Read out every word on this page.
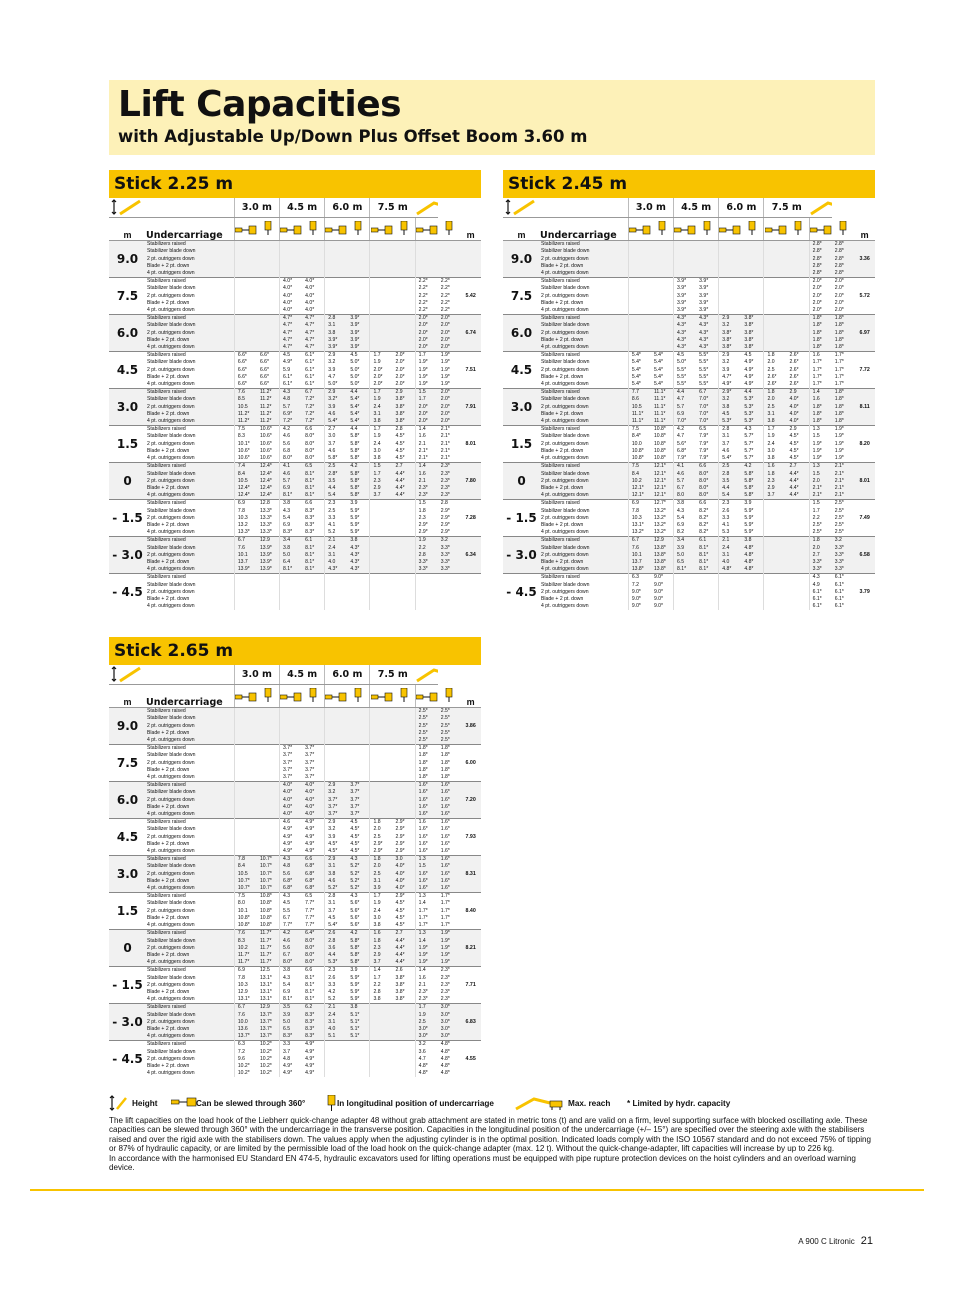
Lift Capacities
with Adjustable Up/Down Plus Offset Boom 3.60 m
Stick 2.25 m
		3.0 m		4.5 m		6.0 m		7.5 m	
m	Undercarriage											m
9.0	Stabilizers raised											
	Stabilizer blade down											
	2 pt. outriggers down											
	Blade + 2 pt. down											
	4 pt. outriggers down											
7.5	Stabilizers raised			4.0*	4.0*					2.2*	2.2*	5.42
	Stabilizer blade down			4.0*	4.0*					2.2*	2.2*	
	2 pt. outriggers down			4.0*	4.0*					2.2*	2.2*	
	Blade + 2 pt. down			4.0*	4.0*					2.2*	2.2*	
	4 pt. outriggers down			4.0*	4.0*					2.2*	2.2*	
6.0	Stabilizers raised			4.7*	4.7*	2.8	3.9*			2.0*	2.0*	6.74
	Stabilizer blade down			4.7*	4.7*	3.1	3.9*			2.0*	2.0*	
	2 pt. outriggers down			4.7*	4.7*	3.8	3.9*			2.0*	2.0*	
	Blade + 2 pt. down			4.7*	4.7*	3.9*	3.9*			2.0*	2.0*	
	4 pt. outriggers down			4.7*	4.7*	3.9*	3.9*			2.0*	2.0*	
4.5	Stabilizers raised	6.6*	6.6*	4.5	6.1*	2.9	4.5	1.7	2.0*	1.7	1.9*	7.51
	Stabilizer blade down	6.6*	6.6*	4.9*	6.1*	3.2	5.0*	1.9	2.0*	1.9*	1.9*	
	2 pt. outriggers down	6.6*	6.6*	5.9	6.1*	3.9	5.0*	2.0*	2.0*	1.9*	1.9*	
	Blade + 2 pt. down	6.6*	6.6*	6.1*	6.1*	4.7	5.0*	2.0*	2.0*	1.9*	1.9*	
	4 pt. outriggers down	6.6*	6.6*	6.1*	6.1*	5.0*	5.0*	2.0*	2.0*	1.9*	1.9*	
3.0	Stabilizers raised	7.6	11.2*	4.3	6.7	2.9	4.4	1.7	2.9	1.5	2.0*	7.91
	Stabilizer blade down	8.5	11.2*	4.8	7.2*	3.2*	5.4*	1.9	3.8*	1.7	2.0*	
	2 pt. outriggers down	10.5	11.2*	5.7	7.2*	3.9	5.4*	2.4	3.8*	2.0*	2.0*	
	Blade + 2 pt. down	11.2*	11.2*	6.9*	7.2*	4.6	5.4*	3.1	3.8*	2.0*	2.0*	
	4 pt. outriggers down	11.2*	11.2*	7.2*	7.2*	5.4*	5.4*	3.8	3.8*	2.0*	2.0*	
1.5	Stabilizers raised	7.5	10.6*	4.2	6.6	2.7	4.4	1.7	2.8	1.4	2.1*	8.01
	Stabilizer blade down	8.3	10.6*	4.6	8.0*	3.0	5.8*	1.9	4.5*	1.6	2.1*	
	2 pt. outriggers down	10.1*	10.6*	5.6	8.0*	3.7	5.8*	2.4	4.5*	2.1	2.1*	
	Blade + 2 pt. down	10.6*	10.6*	6.8	8.0*	4.6	5.8*	3.0	4.5*	2.1*	2.1*	
	4 pt. outriggers down	10.6*	10.6*	8.0*	8.0*	5.8*	5.8*	3.8	4.5*	2.1*	2.1*	
0	Stabilizers raised	7.4	12.4*	4.1	6.5	2.5	4.2	1.5	2.7	1.4	2.3*	7.80
	Stabilizer blade down	8.4	12.4*	4.6	8.1*	2.8*	5.8*	1.7	4.4*	1.6	2.3*	
	2 pt. outriggers down	10.5	12.4*	5.7	8.1*	3.5	5.8*	2.3	4.4*	2.1	2.3*	
	Blade + 2 pt. down	12.4*	12.4*	6.9	8.1*	4.4	5.8*	2.9	4.4*	2.3*	2.3*	
	4 pt. outriggers down	12.4*	12.4*	8.1*	8.1*	5.4	5.8*	3.7	4.4*	2.3*	2.3*	
- 1.5	Stabilizers raised	6.9	12.8	3.8	6.6	2.3	3.9			1.5	2.8	7.28
	Stabilizer blade down	7.8	13.3*	4.3	8.3*	2.5	5.9*			1.8	2.9*	
	2 pt. outriggers down	10.3	13.3*	5.4	8.3*	3.3	5.9*			2.3	2.9*	
	Blade + 2 pt. down	13.2	13.3*	6.9	8.3*	4.1	5.9*			2.9*	2.9*	
	4 pt. outriggers down	13.3*	13.3*	8.3*	8.3*	5.2	5.9*			2.9*	2.9*	
- 3.0	Stabilizers raised	6.7	12.9	3.4	6.1	2.1	3.8			1.9	3.2	6.34
	Stabilizer blade down	7.6	13.9*	3.8	8.1*	2.4	4.3*			2.2	3.3*	
	2 pt. outriggers down	10.1	13.9*	5.0	8.1*	3.1	4.3*			2.8	3.3*	
	Blade + 2 pt. down	13.7	13.9*	6.4	8.1*	4.0	4.3*			3.3*	3.3*	
	4 pt. outriggers down	13.9*	13.9*	8.1*	8.1*	4.3*	4.3*			3.3*	3.3*	
- 4.5	Stabilizers raised											
	Stabilizer blade down											
	2 pt. outriggers down											
	Blade + 2 pt. down											
	4 pt. outriggers down											
Stick 2.45 m
		3.0 m		4.5 m		6.0 m		7.5 m	
m	Undercarriage											m
9.0	Stabilizers raised									2.8*	2.8*	3.36
	Stabilizer blade down									2.8*	2.8*	
	2 pt. outriggers down									2.8*	2.8*	
	Blade + 2 pt. down									2.8*	2.8*	
	4 pt. outriggers down									2.8*	2.8*	
7.5	Stabilizers raised			3.9*	3.9*					2.0*	2.0*	5.72
	Stabilizer blade down			3.9*	3.9*					2.0*	2.0*	
	2 pt. outriggers down			3.9*	3.9*					2.0*	2.0*	
	Blade + 2 pt. down			3.9*	3.9*					2.0*	2.0*	
	4 pt. outriggers down			3.9*	3.9*					2.0*	2.0*	
6.0	Stabilizers raised			4.3*	4.3*	2.9	3.8*			1.8*	1.8*	6.97
	Stabilizer blade down			4.3*	4.3*	3.2	3.8*			1.8*	1.8*	
	2 pt. outriggers down			4.3*	4.3*	3.8*	3.8*			1.8*	1.8*	
	Blade + 2 pt. down			4.3*	4.3*	3.8*	3.8*			1.8*	1.8*	
	4 pt. outriggers down			4.3*	4.3*	3.8*	3.8*			1.8*	1.8*	
4.5	Stabilizers raised	5.4*	5.4*	4.5	5.5*	2.9	4.5	1.8	2.6*	1.6	1.7*	7.72
	Stabilizer blade down	5.4*	5.4*	5.0*	5.5*	3.2	4.9*	2.0	2.6*	1.7*	1.7*	
	2 pt. outriggers down	5.4*	5.4*	5.5*	5.5*	3.9	4.9*	2.5	2.6*	1.7*	1.7*	
	Blade + 2 pt. down	5.4*	5.4*	5.5*	5.5*	4.7*	4.9*	2.6*	2.6*	1.7*	1.7*	
	4 pt. outriggers down	5.4*	5.4*	5.5*	5.5*	4.9*	4.9*	2.6*	2.6*	1.7*	1.7*	
3.0	Stabilizers raised	7.7	11.1*	4.4	6.7	2.9*	4.4	1.8	2.9	1.4	1.8*	8.11
	Stabilizer blade down	8.6	11.1*	4.7	7.0*	3.2	5.3*	2.0	4.0*	1.6	1.8*	
	2 pt. outriggers down	10.5	11.1*	5.7	7.0*	3.8	5.3*	2.5	4.0*	1.8*	1.8*	
	Blade + 2 pt. down	11.1*	11.1*	6.9	7.0*	4.5	5.3*	3.1	4.0*	1.8*	1.8*	
	4 pt. outriggers down	11.1*	11.1*	7.0*	7.0*	5.3*	5.3*	3.8	4.0*	1.8*	1.8*	
1.5	Stabilizers raised	7.5	10.8*	4.2	6.5	2.8	4.3	1.7	2.9	1.3	1.9*	8.20
	Stabilizer blade down	8.4*	10.8*	4.7	7.9*	3.1	5.7*	1.9	4.5*	1.5	1.9*	
	2 pt. outriggers down	10.0	10.8*	5.6*	7.9*	3.7	5.7*	2.4	4.5*	1.9*	1.9*	
	Blade + 2 pt. down	10.8*	10.8*	6.8*	7.9*	4.6	5.7*	3.0	4.5*	1.9*	1.9*	
	4 pt. outriggers down	10.8*	10.8*	7.9*	7.9*	5.4*	5.7*	3.8	4.5*	1.9*	1.9*	
0	Stabilizers raised	7.5	12.1*	4.1	6.6	2.5	4.2	1.6	2.7	1.3	2.1*	8.01
	Stabilizer blade down	8.4	12.1*	4.6	8.0*	2.8	5.8*	1.8	4.4*	1.5	2.1*	
	2 pt. outriggers down	10.2	12.1*	5.7	8.0*	3.5	5.8*	2.3	4.4*	2.0	2.1*	
	Blade + 2 pt. down	12.1*	12.1*	6.7	8.0*	4.4	5.8*	2.9	4.4*	2.1*	2.1*	
	4 pt. outriggers down	12.1*	12.1*	8.0	8.0*	5.4	5.8*	3.7	4.4*	2.1*	2.1*	
- 1.5	Stabilizers raised	6.9	12.7*	3.8	6.6	2.3	3.9			1.5	2.5*	7.49
	Stabilizer blade down	7.8	13.2*	4.3	8.2*	2.6	5.9*			1.7	2.5*	
	2 pt. outriggers down	10.3	13.2*	5.4	8.2*	3.3	5.9*			2.2	2.5*	
	Blade + 2 pt. down	13.1*	13.2*	6.9	8.2*	4.1	5.9*			2.5*	2.5*	
	4 pt. outriggers down	13.2*	13.2*	8.2	8.2*	5.3	5.9*			2.5*	2.5*	
- 3.0	Stabilizers raised	6.7	12.9	3.4	6.1	2.1	3.8			1.8	3.2	6.58
	Stabilizer blade down	7.6	13.8*	3.9	8.1*	2.4	4.8*			2.0	3.3*	
	2 pt. outriggers down	10.1	13.8*	5.0	8.1*	3.1	4.8*			2.7	3.3*	
	Blade + 2 pt. down	13.7	13.8*	6.5	8.1*	4.0	4.8*			3.3*	3.3*	
	4 pt. outriggers down	13.8*	13.8*	8.1*	8.1*	4.8*	4.8*			3.3*	3.3*	
- 4.5	Stabilizers raised	6.3	9.0*							4.3	6.1*	3.79
	Stabilizer blade down	7.2	9.0*							4.9	6.1*	
	2 pt. outriggers down	9.0*	9.0*							6.1*	6.1*	
	Blade + 2 pt. down	9.0*	9.0*							6.1*	6.1*	
	4 pt. outriggers down	9.0*	9.0*							6.1*	6.1*	
Stick 2.65 m
		3.0 m		4.5 m		6.0 m		7.5 m	
m	Undercarriage											m
9.0	Stabilizers raised									2.5*	2.5*	3.86
	Stabilizer blade down									2.5*	2.5*	
	2 pt. outriggers down									2.5*	2.5*	
	Blade + 2 pt. down									2.5*	2.5*	
	4 pt. outriggers down									2.5*	2.5*	
7.5	Stabilizers raised			3.7*	3.7*					1.8*	1.8*	6.00
	Stabilizer blade down			3.7*	3.7*					1.8*	1.8*	
	2 pt. outriggers down			3.7*	3.7*					1.8*	1.8*	
	Blade + 2 pt. down			3.7*	3.7*					1.8*	1.8*	
	4 pt. outriggers down			3.7*	3.7*					1.8*	1.8*	
6.0	Stabilizers raised			4.0*	4.0*	2.9	3.7*			1.6*	1.6*	7.20
	Stabilizer blade down			4.0*	4.0*	3.2	3.7*			1.6*	1.6*	
	2 pt. outriggers down			4.0*	4.0*	3.7*	3.7*			1.6*	1.6*	
	Blade + 2 pt. down			4.0*	4.0*	3.7*	3.7*			1.6*	1.6*	
	4 pt. outriggers down			4.0*	4.0*	3.7*	3.7*			1.6*	1.6*	
4.5	Stabilizers raised			4.6	4.9*	2.9	4.5	1.8	2.9*	1.6	1.6*	7.93
	Stabilizer blade down			4.9*	4.9*	3.2	4.5*	2.0	2.9*	1.6*	1.6*	
	2 pt. outriggers down			4.9*	4.9*	3.9	4.5*	2.5	2.9*	1.6*	1.6*	
	Blade + 2 pt. down			4.9*	4.9*	4.5*	4.5*	2.9*	2.9*	1.6*	1.6*	
	4 pt. outriggers down			4.9*	4.9*	4.5*	4.5*	2.9*	2.9*	1.6*	1.6*	
3.0	Stabilizers raised	7.8	10.7*	4.3	6.6	2.9	4.3	1.8	3.0	1.3	1.6*	8.31
	Stabilizer blade down	8.4	10.7*	4.8	6.8*	3.1	5.2*	2.0	4.0*	1.5	1.6*	
	2 pt. outriggers down	10.5	10.7*	5.6	6.8*	3.8	5.2*	2.5	4.0*	1.6*	1.6*	
	Blade + 2 pt. down	10.7*	10.7*	6.8*	6.8*	4.6	5.2*	3.1	4.0*	1.6*	1.6*	
	4 pt. outriggers down	10.7*	10.7*	6.8*	6.8*	5.2*	5.2*	3.9	4.0*	1.6*	1.6*	
1.5	Stabilizers raised	7.5	10.8*	4.3	6.5	2.8	4.3	1.7	2.9*	1.3	1.7*	8.40
	Stabilizer blade down	8.0	10.8*	4.5	7.7*	3.1	5.6*	1.9	4.5*	1.4	1.7*	
	2 pt. outriggers down	10.1	10.8*	5.5	7.7*	3.7	5.6*	2.4	4.5*	1.7*	1.7*	
	Blade + 2 pt. down	10.8*	10.8*	6.7	7.7*	4.5	5.6*	3.0	4.5*	1.7*	1.7*	
	4 pt. outriggers down	10.8*	10.8*	7.7*	7.7*	5.4*	5.6*	3.8	4.5*	1.7*	1.7*	
0	Stabilizers raised	7.6	11.7*	4.2	6.4*	2.6	4.2	1.6	2.7	1.3	1.9*	8.21
	Stabilizer blade down	8.3	11.7*	4.6	8.0*	2.8	5.8*	1.8	4.4*	1.4	1.9*	
	2 pt. outriggers down	10.2	11.7*	5.6	8.0*	3.6	5.8*	2.3	4.4*	1.9*	1.9*	
	Blade + 2 pt. down	11.7*	11.7*	6.7	8.0*	4.4	5.8*	2.9	4.4*	1.9*	1.9*	
	4 pt. outriggers down	11.7*	11.7*	8.0*	8.0*	5.3*	5.8*	3.7	4.4*	1.9*	1.9*	
- 1.5	Stabilizers raised	6.9	12.5	3.8	6.6	2.3	3.9	1.4	2.6	1.4	2.3*	7.71
	Stabilizer blade down	7.8	13.1*	4.3	8.1*	2.6	5.9*	1.7	3.8*	1.6	2.3*	
	2 pt. outriggers down	10.3	13.1*	5.4	8.1*	3.3	5.9*	2.2	3.8*	2.1	2.3*	
	Blade + 2 pt. down	12.9	13.1*	6.9	8.1*	4.2	5.9*	2.8	3.8*	2.3*	2.3*	
	4 pt. outriggers down	13.1*	13.1*	8.1*	8.1*	5.2	5.9*	3.8	3.8*	2.3*	2.3*	
- 3.0	Stabilizers raised	6.7	12.9	3.5	6.2	2.1	3.8			1.7	3.0*	6.83
	Stabilizer blade down	7.6	13.7*	3.9	8.3*	2.4	5.1*			1.9	3.0*	
	2 pt. outriggers down	10.0	13.7*	5.0	8.3*	3.1	5.1*			2.5	3.0*	
	Blade + 2 pt. down	13.6	13.7*	6.5	8.3*	4.0	5.1*			3.0*	3.0*	
	4 pt. outriggers down	13.7*	13.7*	8.3*	8.3*	5.1	5.1*			3.0*	3.0*	
- 4.5	Stabilizers raised	6.3	10.2*	3.3	4.9*					3.2	4.8*	4.55
	Stabilizer blade down	7.2	10.2*	3.7	4.9*					3.6	4.8*	
	2 pt. outriggers down	9.6	10.2*	4.8	4.9*					4.7	4.8*	
	Blade + 2 pt. down	10.2*	10.2*	4.9*	4.9*					4.8*	4.8*	
	4 pt. outriggers down	10.2*	10.2*	4.9*	4.9*					4.8*	4.8*	
Height	Can be slewed through 360°	In longitudinal position of undercarriage	Max. reach * Limited by hydr. capacity

The lift capacities on the load hook of the Liebherr quick-change adapter 48 without grab attachment are stated in metric tons (t) and are valid on a firm, level supporting surface with blocked oscillating axle. These capacities can be slewed through 360° with the undercarriage in the transverse position. Capacities in the longitudinal position of the undercarriage (+/– 15°) are specified over the steering axle with the stabilisers raised and over the rigid axle with the stabilisers down. The values apply when the adjusting cylinder is in the optimal position. Indicated loads comply with the ISO 10567 standard and do not exceed 75% of tipping or 87% of hydraulic capacity, or are limited by the permissible load of the load hook on the quick-change adapter (max. 12 t). Without the quick-change-adapter, lift capacities will increase by up to 226 kg.

In accordance with the harmonised EU Standard EN 474-5, hydraulic excavators used for lifting operations must be equipped with pipe rupture protection devices on the hoist cylinders and an overload warning device.

A 900 C Litronic 21
